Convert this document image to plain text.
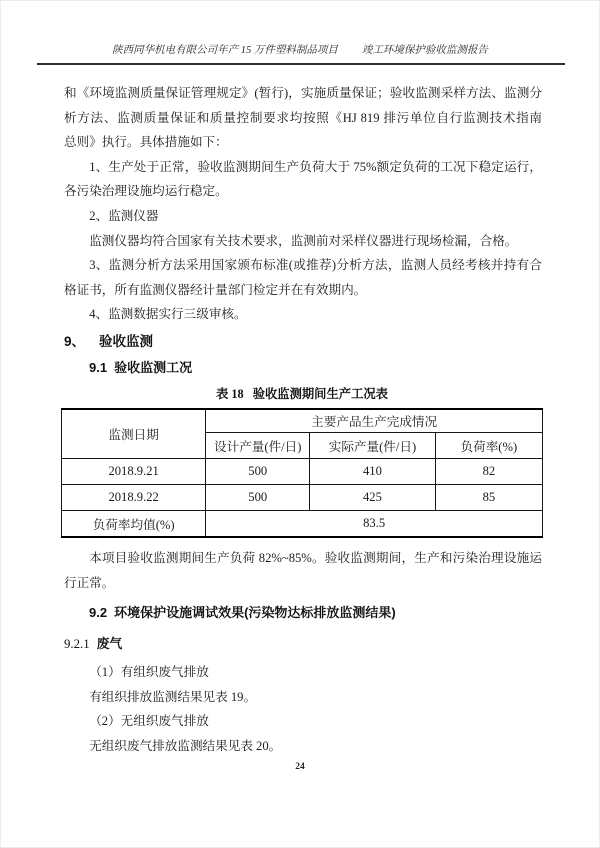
陕西同华机电有限公司年产 15 万件塑料制品项目 竣工环境保护验收监测报告

和《环境监测质量保证管理规定》(暂行)，实施质量保证；验收监测采样方法、监测分析方法、监测质量保证和质量控制要求均按照《HJ 819 排污单位自行监测技术指南　总则》执行。具体措施如下：

1、生产处于正常，验收监测期间生产负荷大于 75%额定负荷的工况下稳定运行，各污染治理设施均运行稳定。

2、监测仪器

监测仪器均符合国家有关技术要求，监测前对采样仪器进行现场检漏，合格。

3、监测分析方法采用国家颁布标准(或推荐)分析方法，监测人员经考核并持有合格证书，所有监测仪器经计量部门检定并在有效期内。

4、监测数据实行三级审核。

9、 验收监测
9.1 验收监测工况
表 18 验收监测期间生产工况表
监测日期	主要产品生产完成情况		
	设计产量(件/日)	实际产量(件/日)	负荷率(%)
2018.9.21	500	410	82
2018.9.22	500	425	85
负荷率均值(%)	83.5		

本项目验收监测期间生产负荷 82%~85%。验收监测期间，生产和污染治理设施运行正常。

9.2 环境保护设施调试效果(污染物达标排放监测结果)
9.2.1 废气

（1）有组织废气排放

有组织排放监测结果见表 19。

（2）无组织废气排放

无组织废气排放监测结果见表 20。

24
